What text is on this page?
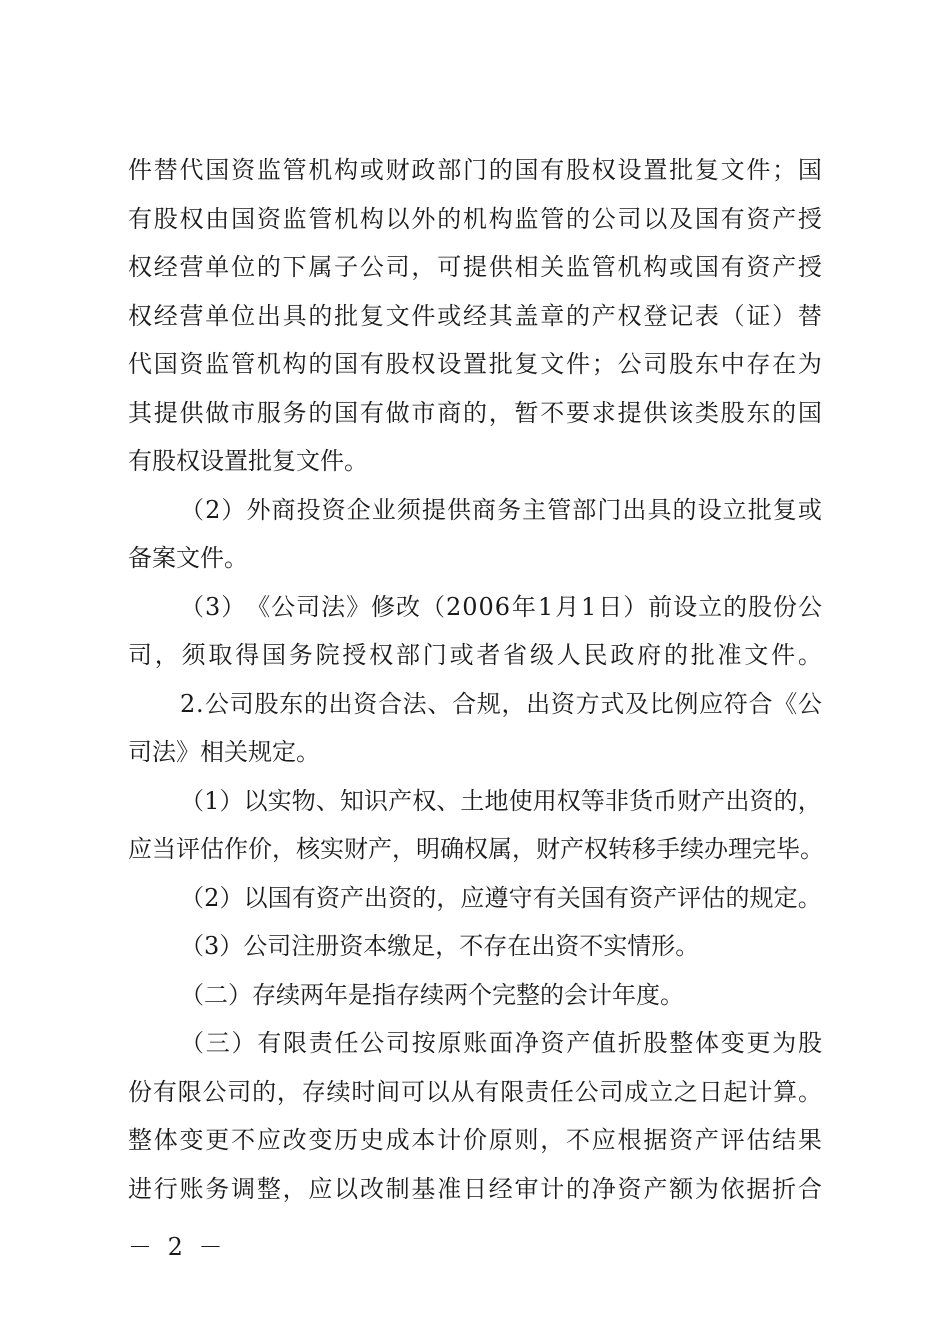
件 替 代 国 资 监 管 机 构 或 财 政 部 门 的 国 有 股 权 设 置 批 复 文 件 ； 国
有 股 权 由 国 资 监 管 机 构 以 外 的 机 构 监 管 的 公 司 以 及 国 有 资 产 授
权 经 营 单 位 的 下 属 子 公 司 ， 可 提 供 相 关 监 管 机 构 或 国 有 资 产 授
权 经 营 单 位 出 具 的 批 复 文 件 或 经 其 盖 章 的 产 权 登 记 表 （ 证 ） 替
代 国 资 监 管 机 构 的 国 有 股 权 设 置 批 复 文 件 ； 公 司 股 东 中 存 在 为
其 提 供 做 市 服 务 的 国 有 做 市 商 的 ， 暂 不 要 求 提 供 该 类 股 东 的 国
有股权设置批复文件。
（ 2 ） 外 商 投 资 企 业 须 提 供 商 务 主 管 部 门 出 具 的 设 立 批 复 或
备案文件。
（ 3 ） 《 公 司 法 》 修 改 （ 2 0 0 6 年 1 月 1 日 ） 前 设 立 的 股 份 公
司 ， 须 取 得 国 务 院 授 权 部 门 或 者 省 级 人 民 政 府 的 批 准 文 件 。
2 . 公 司 股 东 的 出 资 合 法 、 合 规 ， 出 资 方 式 及 比 例 应 符 合 《 公
司法》相关规定。
（ 1 ） 以 实 物 、 知 识 产 权 、 土 地 使 用 权 等 非 货 币 财 产 出 资 的 ，
应 当 评 估 作 价 ， 核 实 财 产 ， 明 确 权 属 ， 财 产 权 转 移 手 续 办 理 完 毕 。
（ 2 ） 以 国 有 资 产 出 资 的 ， 应 遵 守 有 关 国 有 资 产 评 估 的 规 定 。
（3）公司注册资本缴足，不存在出资不实情形。
（二）存续两年是指存续两个完整的会计年度。
（ 三 ） 有 限 责 任 公 司 按 原 账 面 净 资 产 值 折 股 整 体 变 更 为 股
份 有 限 公 司 的 ， 存 续 时 间 可 以 从 有 限 责 任 公 司 成 立 之 日 起 计 算 。
整 体 变 更 不 应 改 变 历 史 成 本 计 价 原 则 ， 不 应 根 据 资 产 评 估 结 果
进 行 账 务 调 整 ， 应 以 改 制 基 准 日 经 审 计 的 净 资 产 额 为 依 据 折 合
－ 2 －
